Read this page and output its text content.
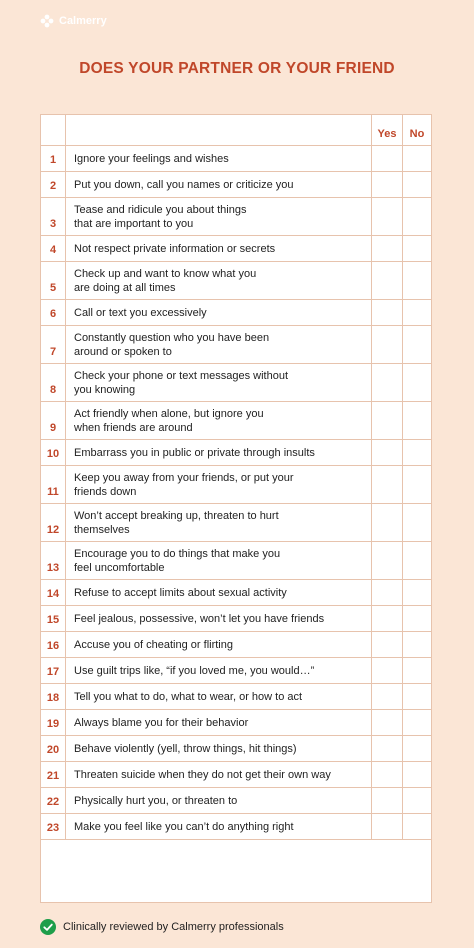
Calmerry
DOES YOUR PARTNER OR YOUR FRIEND
		Yes	No
1	Ignore your feelings and wishes		

2	Put you down, call you names or criticize you		

3	Tease and ridicule you about things
that are important to you		

4	Not respect private information or secrets		

5	Check up and want to know what you
are doing at all times		

6	Call or text you excessively		

7	Constantly question who you have been
around or spoken to		

8	Check your phone or text messages without
you knowing		

9	Act friendly when alone, but ignore you
when friends are around		

10	Embarrass you in public or private through insults		

11	Keep you away from your friends, or put your
friends down		

12	Won’t accept breaking up, threaten to hurt
themselves		

13	Encourage you to do things that make you
feel uncomfortable		

14	Refuse to accept limits about sexual activity		

15	Feel jealous, possessive, won’t let you have friends		

16	Accuse you of cheating or flirting		

17	Use guilt trips like, “if you loved me, you would…”		

18	Tell you what to do, what to wear, or how to act		

19	Always blame you for their behavior		

20	Behave violently (yell, throw things, hit things)		

21	Threaten suicide when they do not get their own way		

22	Physically hurt you, or threaten to		

23	Make you feel like you can’t do anything right		

Clinically reviewed by Calmerry professionals
